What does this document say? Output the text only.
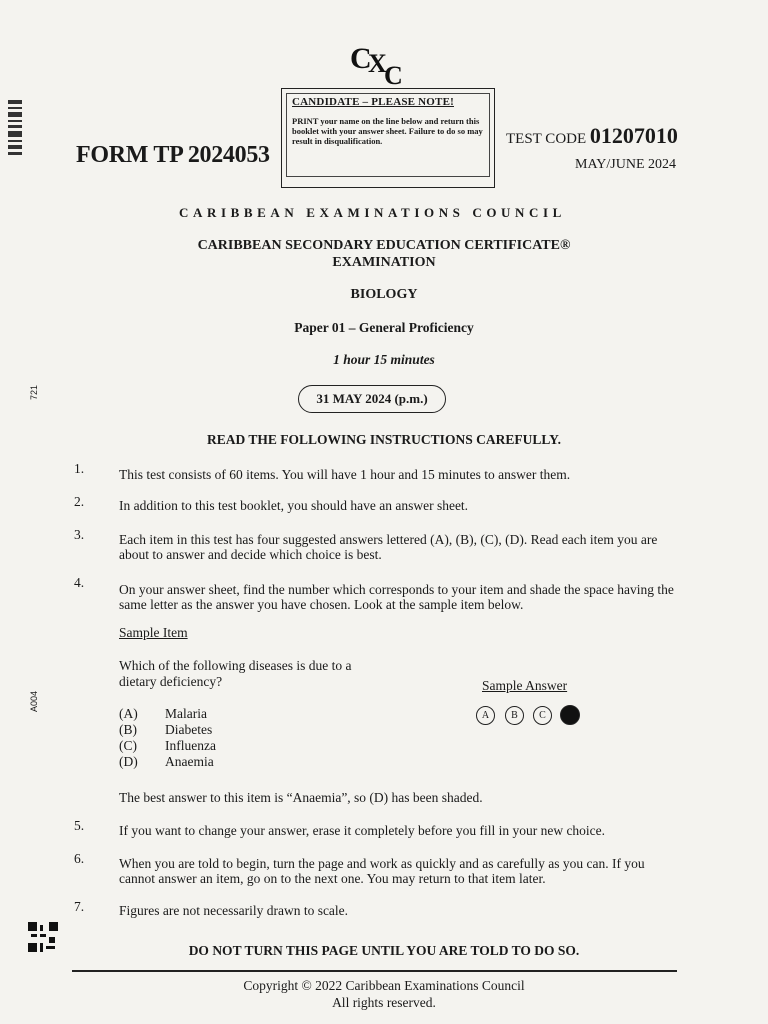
C
X
C
CANDIDATE – PLEASE NOTE!
PRINT your name on the line below and return this booklet with your answer sheet. Failure to do so may result in disqualification.
FORM TP 2024053
TEST CODE 01207010
MAY/JUNE 2024
CARIBBEAN EXAMINATIONS COUNCIL
CARIBBEAN SECONDARY EDUCATION CERTIFICATE®
EXAMINATION
BIOLOGY
Paper 01 – General Proficiency
1 hour 15 minutes
31 MAY 2024 (p.m.)
READ THE FOLLOWING INSTRUCTIONS CAREFULLY.
1.	This test consists of 60 items. You will have 1 hour and 15 minutes to answer them.
2.	In addition to this test booklet, you should have an answer sheet.
3.	Each item in this test has four suggested answers lettered (A), (B), (C), (D). Read each item you are about to answer and decide which choice is best.
4.	On your answer sheet, find the number which corresponds to your item and shade the space having the same letter as the answer you have chosen. Look at the sample item below.
Sample Item
Which of the following diseases is due to a dietary deficiency?
(A) Malaria
(B) Diabetes
(C) Influenza
(D) Anaemia
Sample Answer
A	B	C
The best answer to this item is “Anaemia”, so (D) has been shaded.
5.	If you want to change your answer, erase it completely before you fill in your new choice.
6.	When you are told to begin, turn the page and work as quickly and as carefully as you can. If you cannot answer an item, go on to the next one. You may return to that item later.
7.	Figures are not necessarily drawn to scale.
DO NOT TURN THIS PAGE UNTIL YOU ARE TOLD TO DO SO.
Copyright © 2022 Caribbean Examinations Council
All rights reserved.
721
A004
